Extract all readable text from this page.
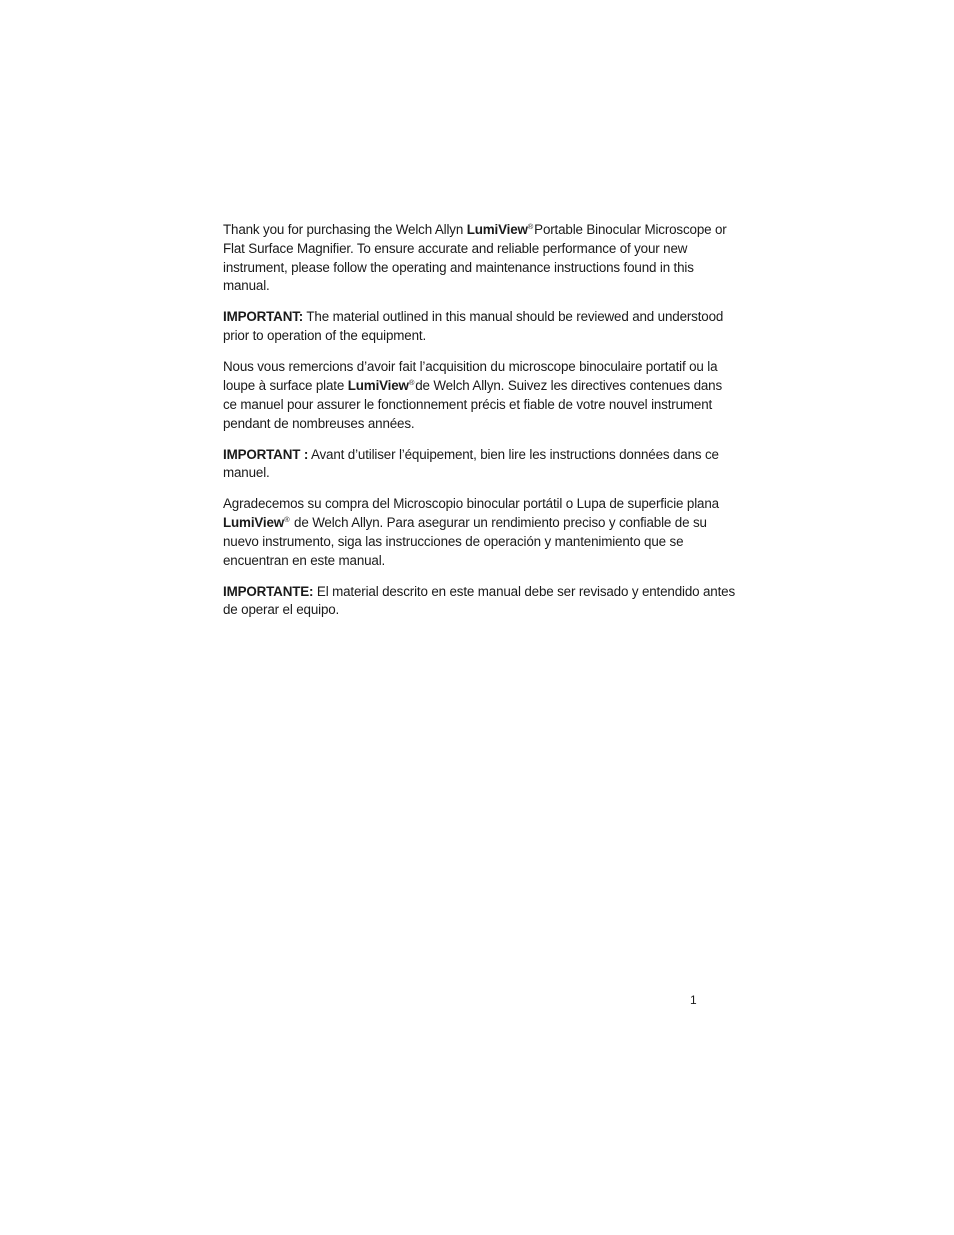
Thank you for purchasing the Welch Allyn LumiView®Portable Binocular Microscope or Flat Surface Magnifier. To ensure accurate and reliable performance of your new instrument, please follow the operating and maintenance instructions found in this manual.

IMPORTANT: The material outlined in this manual should be reviewed and understood prior to operation of the equipment.

Nous vous remercions d’avoir fait l’acquisition du microscope binoculaire portatif ou la loupe à surface plate LumiView®de Welch Allyn. Suivez les directives contenues dans ce manuel pour assurer le fonctionnement précis et fiable de votre nouvel instrument pendant de nombreuses années.

IMPORTANT : Avant d’utiliser l’équipement, bien lire les instructions données dans ce manuel.

Agradecemos su compra del Microscopio binocular portátil o Lupa de superficie plana LumiView® de Welch Allyn. Para asegurar un rendimiento preciso y confiable de su nuevo instrumento, siga las instrucciones de operación y mantenimiento que se encuentran en este manual.

IMPORTANTE: El material descrito en este manual debe ser revisado y entendido antes de operar el equipo.

1
